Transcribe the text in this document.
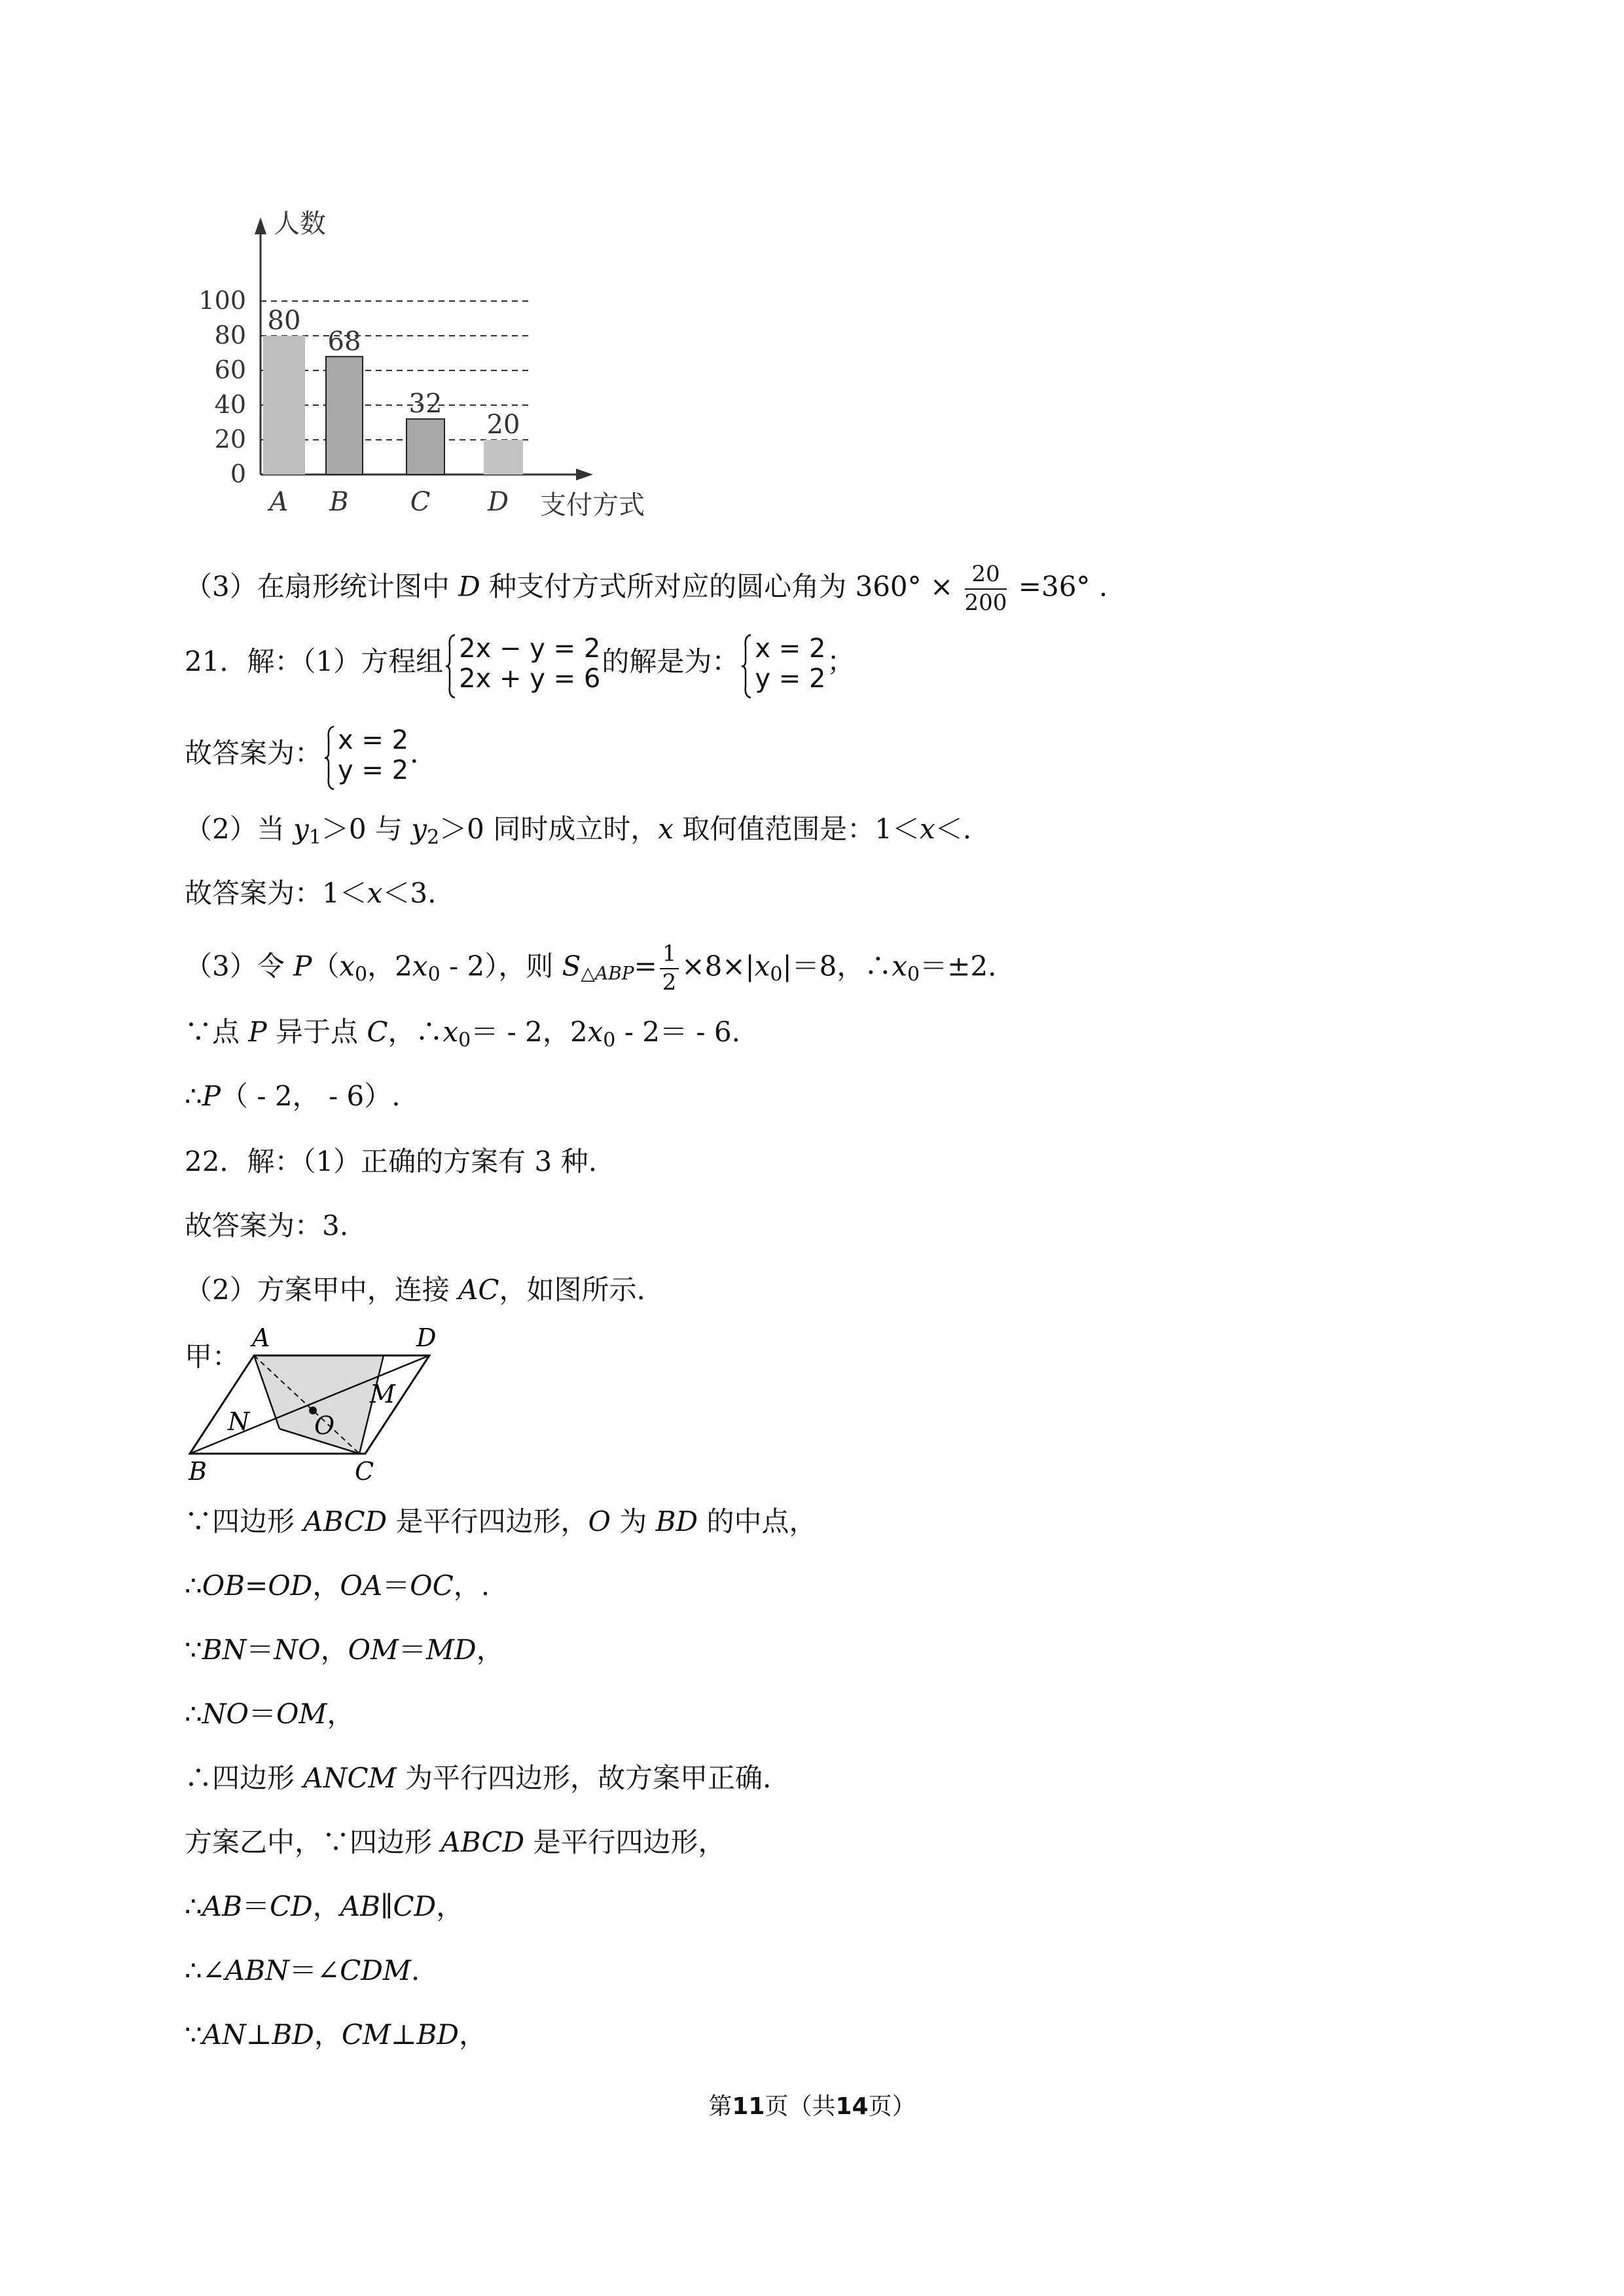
0
20
40
60
80
100
人数
支付方式
80
A
68
B
32
C
20
D
（3）在扇形统计图中 D 种支付方式所对应的圆心角为 $360^\circ \times \frac{20}{200} =36^\circ$ .
21．解：（1）方程组 2x − y = 2
2x + y = 6
的解是为： x = 2
y = 2
；
故答案为： x = 2
y = 2
.
（2）当 $y_1>0$ 与 $y_2>0$ 同时成立时，x 取何值范围是：1＜x＜.
故答案为：1＜x＜3.
（3）令 $P(x_0$，$2x_0$ ‑ 2），则 S△ABP= $\frac{1}{2} \times 8\times|x_0|=8$，$\therefore x_0=\pm 2$.
∵点 P 异于点 C，$\therefore x_0=$ ‑ 2，$2x_0$ ‑ 2＝ ‑ 6.
∴P（ ‑ 2， ‑ 6）.
22．解：（1）正确的方案有 3 种.
故答案为：3.
（2）方案甲中，连接 AC，如图所示.
甲：
A	D
B	C
N	O
M
∵四边形 ABCD 是平行四边形，O 为 BD 的中点，
∴OB=OD，OA＝OC，.
∵BN＝NO，OM＝MD，
∴NO＝OM，
∴四边形 ANCM 为平行四边形，故方案甲正确.
方案乙中，∵四边形 ABCD 是平行四边形，
∴AB＝CD，AB∥CD，
∴∠ABN＝∠CDM.
∵AN⊥BD，CM⊥BD，
第11页（共14页）
